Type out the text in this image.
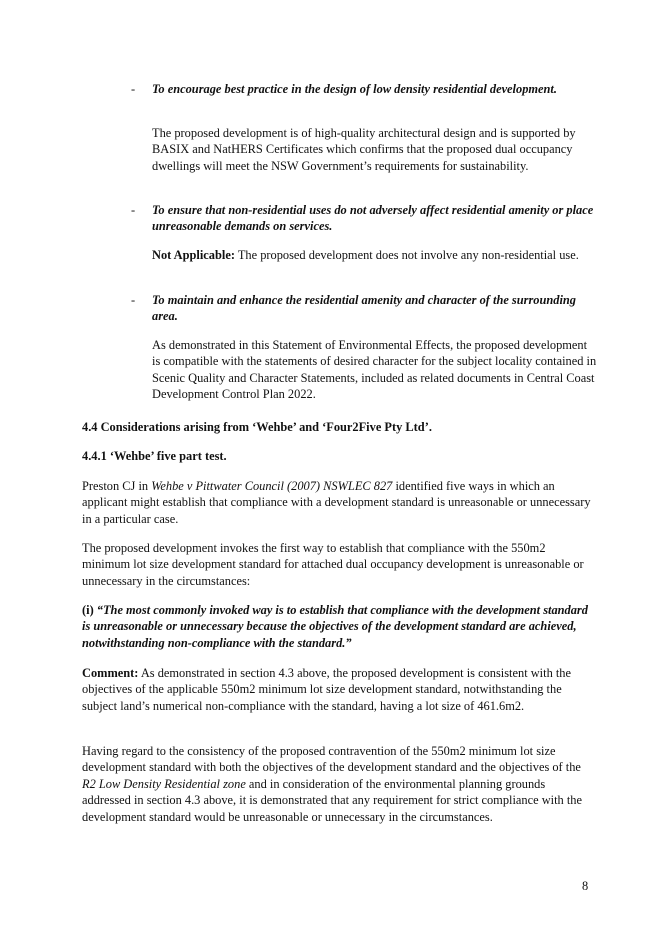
- To encourage best practice in the design of low density residential development.

The proposed development is of high-quality architectural design and is supported by BASIX and NatHERS Certificates which confirms that the proposed dual occupancy dwellings will meet the NSW Government’s requirements for sustainability.

- To ensure that non-residential uses do not adversely affect residential amenity or place unreasonable demands on services.

Not Applicable: The proposed development does not involve any non-residential use.

- To maintain and enhance the residential amenity and character of the surrounding area.

As demonstrated in this Statement of Environmental Effects, the proposed development is compatible with the statements of desired character for the subject locality contained in Scenic Quality and Character Statements, included as related documents in Central Coast Development Control Plan 2022.

4.4 Considerations arising from ‘Wehbe’ and ‘Four2Five Pty Ltd’.

4.4.1 ‘Wehbe’ five part test.

Preston CJ in Wehbe v Pittwater Council (2007) NSWLEC 827 identified five ways in which an applicant might establish that compliance with a development standard is unreasonable or unnecessary in a particular case.

The proposed development invokes the first way to establish that compliance with the 550m2 minimum lot size development standard for attached dual occupancy development is unreasonable or unnecessary in the circumstances:

(i) “The most commonly invoked way is to establish that compliance with the development standard is unreasonable or unnecessary because the objectives of the development standard are achieved, notwithstanding non-compliance with the standard.”

Comment: As demonstrated in section 4.3 above, the proposed development is consistent with the objectives of the applicable 550m2 minimum lot size development standard, notwithstanding the subject land’s numerical non-compliance with the standard, having a lot size of 461.6m2.

Having regard to the consistency of the proposed contravention of the 550m2 minimum lot size development standard with both the objectives of the development standard and the objectives of the R2 Low Density Residential zone and in consideration of the environmental planning grounds addressed in section 4.3 above, it is demonstrated that any requirement for strict compliance with the development standard would be unreasonable or unnecessary in the circumstances.

8
